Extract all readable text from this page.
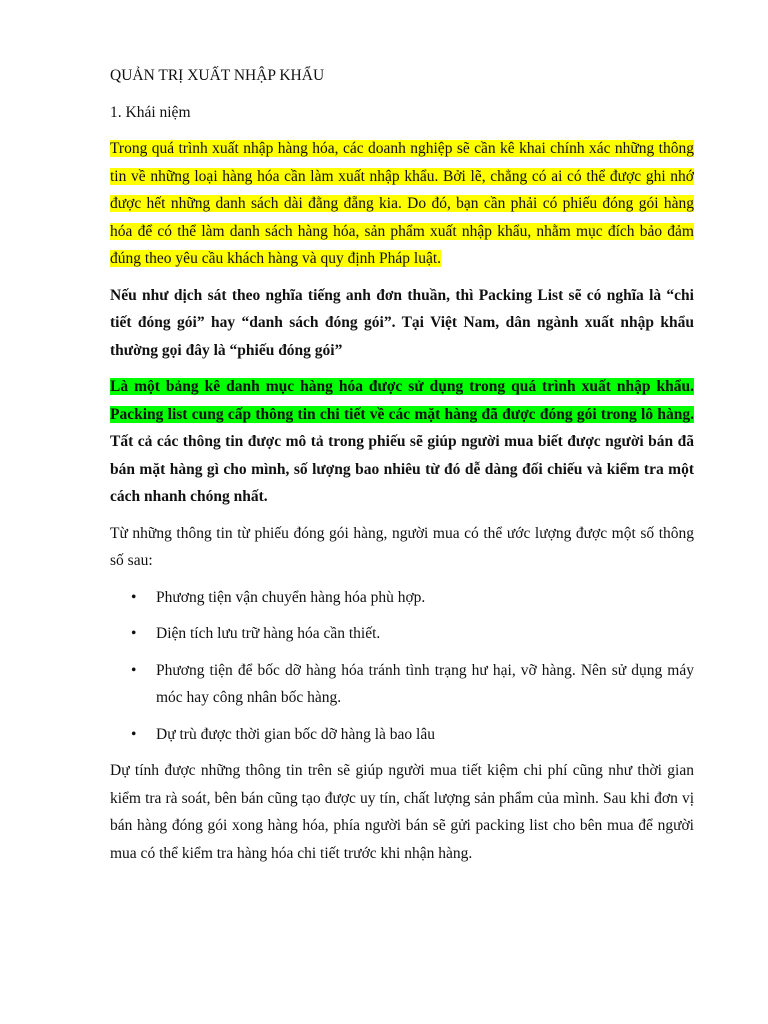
QUẢN TRỊ XUẤT NHẬP KHẨU

1. Khái niệm

Trong quá trình xuất nhập hàng hóa, các doanh nghiệp sẽ cần kê khai chính xác những thông tin về những loại hàng hóa cần làm xuất nhập khẩu. Bởi lẽ, chẳng có ai có thể được ghi nhớ được hết những danh sách dài đằng đẵng kia. Do đó, bạn cần phải có phiếu đóng gói hàng hóa để có thể làm danh sách hàng hóa, sản phẩm xuất nhập khẩu, nhằm mục đích bảo đảm đúng theo yêu cầu khách hàng và quy định Pháp luật.

Nếu như dịch sát theo nghĩa tiếng anh đơn thuần, thì Packing List sẽ có nghĩa là “chi tiết đóng gói” hay “danh sách đóng gói”. Tại Việt Nam, dân ngành xuất nhập khẩu thường gọi đây là “phiếu đóng gói”

Là một bảng kê danh mục hàng hóa được sử dụng trong quá trình xuất nhập khẩu. Packing list cung cấp thông tin chi tiết về các mặt hàng đã được đóng gói trong lô hàng. Tất cả các thông tin được mô tả trong phiếu sẽ giúp người mua biết được người bán đã bán mặt hàng gì cho mình, số lượng bao nhiêu từ đó dễ dàng đối chiếu và kiểm tra một cách nhanh chóng nhất.

Từ những thông tin từ phiếu đóng gói hàng, người mua có thể ước lượng được một số thông số sau:

• Phương tiện vận chuyển hàng hóa phù hợp.
• Diện tích lưu trữ hàng hóa cần thiết.
• Phương tiện để bốc dỡ hàng hóa tránh tình trạng hư hại, vỡ hàng. Nên sử dụng máy móc hay công nhân bốc hàng.
• Dự trù được thời gian bốc dỡ hàng là bao lâu

Dự tính được những thông tin trên sẽ giúp người mua tiết kiệm chi phí cũng như thời gian kiểm tra rà soát, bên bán cũng tạo được uy tín, chất lượng sản phẩm của mình. Sau khi đơn vị bán hàng đóng gói xong hàng hóa, phía người bán sẽ gửi packing list cho bên mua để người mua có thể kiểm tra hàng hóa chi tiết trước khi nhận hàng.
